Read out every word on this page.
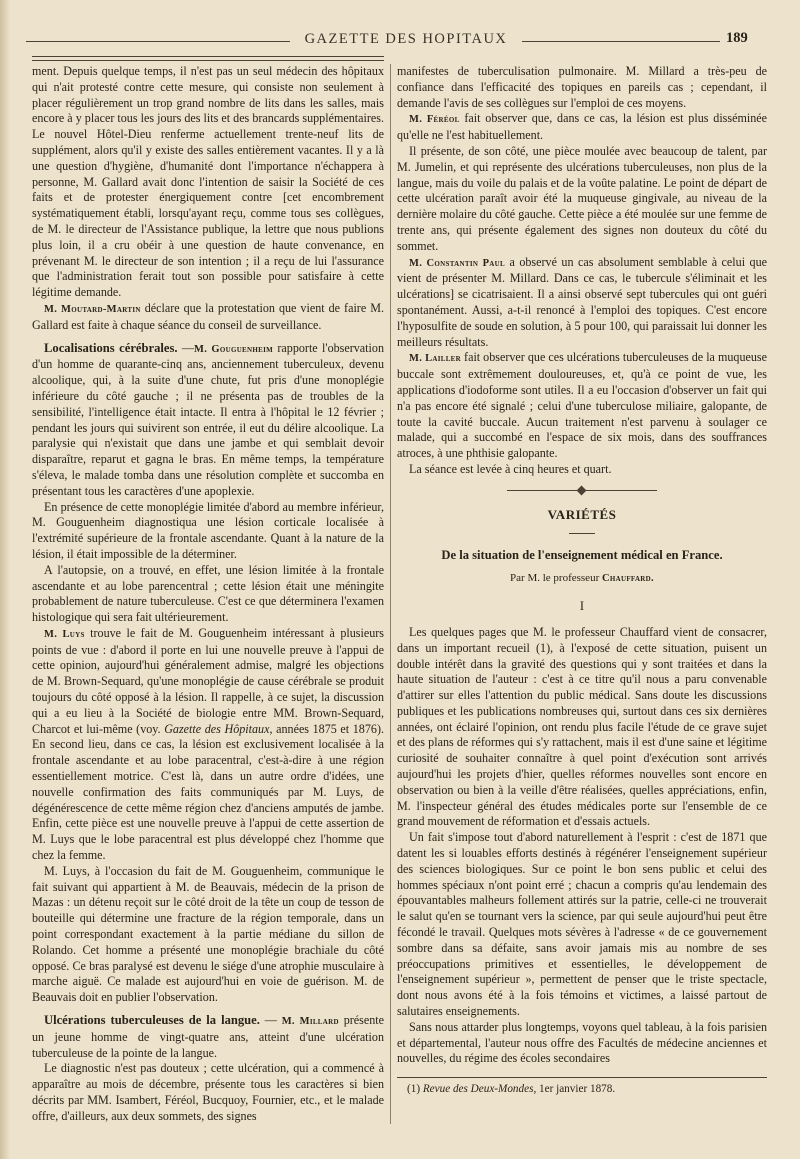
GAZETTE DES HOPITAUX	189

ment. Depuis quelque temps, il n'est pas un seul médecin des hôpitaux qui n'ait protesté contre cette mesure, qui consiste non seulement à placer régulièrement un trop grand nombre de lits dans les salles, mais encore à y placer tous les jours des lits et des brancards supplémentaires. Le nouvel Hôtel-Dieu renferme actuellement trente-neuf lits de supplément, alors qu'il y existe des salles entièrement vacantes. Il y a là une question d'hygiène, d'humanité dont l'importance n'échappera à personne, M. Gallard avait donc l'intention de saisir la Société de ces faits et de protester énergiquement contre [cet encombrement systématiquement établi, lorsqu'ayant reçu, comme tous ses collègues, de M. le directeur de l'Assistance publique, la lettre que nous publions plus loin, il a cru obéir à une question de haute convenance, en prévenant M. le directeur de son intention ; il a reçu de lui l'assurance que l'administration ferait tout son possible pour satisfaire à cette légitime demande.

M. Moutard-Martin déclare que la protestation que vient de faire M. Gallard est faite à chaque séance du conseil de surveillance.

Localisations cérébrales. —M. Gouguenheim rapporte l'observation d'un homme de quarante-cinq ans, anciennement tuberculeux, devenu alcoolique, qui, à la suite d'une chute, fut pris d'une monoplégie inférieure du côté gauche ; il ne présenta pas de troubles de la sensibilité, l'intelligence était intacte. Il entra à l'hôpital le 12 février ; pendant les jours qui suivirent son entrée, il eut du délire alcoolique. La paralysie qui n'existait que dans une jambe et qui semblait devoir disparaître, reparut et gagna le bras. En même temps, la température s'éleva, le malade tomba dans une résolution complète et succomba en présentant tous les caractères d'une apoplexie.

En présence de cette monoplégie limitée d'abord au membre inférieur, M. Gouguenheim diagnostiqua une lésion corticale localisée à l'extrémité supérieure de la frontale ascendante. Quant à la nature de la lésion, il était impossible de la déterminer.

A l'autopsie, on a trouvé, en effet, une lésion limitée à la frontale ascendante et au lobe parencentral ; cette lésion était une méningite probablement de nature tuberculeuse. C'est ce que déterminera l'examen histologique qui sera fait ultérieurement.

M. Luys trouve le fait de M. Gouguenheim intéressant à plusieurs points de vue : d'abord il porte en lui une nouvelle preuve à l'appui de cette opinion, aujourd'hui généralement admise, malgré les objections de M. Brown-Sequard, qu'une monoplégie de cause cérébrale se produit toujours du côté opposé à la lésion. Il rappelle, à ce sujet, la discussion qui a eu lieu à la Société de biologie entre MM. Brown-Sequard, Charcot et lui-même (voy. Gazette des Hôpitaux, années 1875 et 1876). En second lieu, dans ce cas, la lésion est exclusivement localisée à la frontale ascendante et au lobe paracentral, c'est-à-dire à une région essentiellement motrice. C'est là, dans un autre ordre d'idées, une nouvelle confirmation des faits communiqués par M. Luys, de dégénérescence de cette même région chez d'anciens amputés de jambe. Enfin, cette pièce est une nouvelle preuve à l'appui de cette assertion de M. Luys que le lobe paracentral est plus développé chez l'homme que chez la femme.

M. Luys, à l'occasion du fait de M. Gouguenheim, communique le fait suivant qui appartient à M. de Beauvais, médecin de la prison de Mazas : un détenu reçoit sur le côté droit de la tête un coup de tesson de bouteille qui détermine une fracture de la région temporale, dans un point correspondant exactement à la partie médiane du sillon de Rolando. Cet homme a présenté une monoplégie brachiale du côté opposé. Ce bras paralysé est devenu le siége d'une atrophie musculaire à marche aiguë. Ce malade est aujourd'hui en voie de guérison. M. de Beauvais doit en publier l'observation.

Ulcérations tuberculeuses de la langue. — M. Millard présente un jeune homme de vingt-quatre ans, atteint d'une ulcération tuberculeuse de la pointe de la langue.

Le diagnostic n'est pas douteux ; cette ulcération, qui a commencé à apparaître au mois de décembre, présente tous les caractères si bien décrits par MM. Isambert, Féréol, Bucquoy, Fournier, etc., et le malade offre, d'ailleurs, aux deux sommets, des signes

manifestes de tuberculisation pulmonaire. M. Millard a très-peu de confiance dans l'efficacité des topiques en pareils cas ; cependant, il demande l'avis de ses collègues sur l'emploi de ces moyens.

M. Féréol fait observer que, dans ce cas, la lésion est plus disséminée qu'elle ne l'est habituellement.

Il présente, de son côté, une pièce moulée avec beaucoup de talent, par M. Jumelin, et qui représente des ulcérations tuberculeuses, non plus de la langue, mais du voile du palais et de la voûte palatine. Le point de départ de cette ulcération paraît avoir été la muqueuse gingivale, au niveau de la dernière molaire du côté gauche. Cette pièce a été moulée sur une femme de trente ans, qui présente également des signes non douteux du côté du sommet.

M. Constantin Paul a observé un cas absolument semblable à celui que vient de présenter M. Millard. Dans ce cas, le tubercule s'éliminait et les ulcérations] se cicatrisaient. Il a ainsi observé sept tubercules qui ont guéri spontanément. Aussi, a-t-il renoncé à l'emploi des topiques. C'est encore l'hyposulfite de soude en solution, à 5 pour 100, qui paraissait lui donner les meilleurs résultats.

M. Lailler fait observer que ces ulcérations tuberculeuses de la muqueuse buccale sont extrêmement douloureuses, et, qu'à ce point de vue, les applications d'iodoforme sont utiles. Il a eu l'occasion d'observer un fait qui n'a pas encore été signalé ; celui d'une tuberculose miliaire, galopante, de toute la cavité buccale. Aucun traitement n'est parvenu à soulager ce malade, qui a succombé en l'espace de six mois, dans des souffrances atroces, à une phthisie galopante.

La séance est levée à cinq heures et quart.

VARIÉTÉS
De la situation de l'enseignement médical en France.
Par M. le professeur Chauffard.
I

Les quelques pages que M. le professeur Chauffard vient de consacrer, dans un important recueil (1), à l'exposé de cette situation, puisent un double intérêt dans la gravité des questions qui y sont traitées et dans la haute situation de l'auteur : c'est à ce titre qu'il nous a paru convenable d'attirer sur elles l'attention du public médical. Sans doute les discussions publiques et les publications nombreuses qui, surtout dans ces six dernières années, ont éclairé l'opinion, ont rendu plus facile l'étude de ce grave sujet et des plans de réformes qui s'y rattachent, mais il est d'une saine et légitime curiosité de souhaiter connaître à quel point d'exécution sont arrivés aujourd'hui les projets d'hier, quelles réformes nouvelles sont encore en observation ou bien à la veille d'être réalisées, quelles appréciations, enfin, M. l'inspecteur général des études médicales porte sur l'ensemble de ce grand mouvement de réformation et d'essais actuels.

Un fait s'impose tout d'abord naturellement à l'esprit : c'est de 1871 que datent les si louables efforts destinés à régénérer l'enseignement supérieur des sciences biologiques. Sur ce point le bon sens public et celui des hommes spéciaux n'ont point erré ; chacun a compris qu'au lendemain des épouvantables malheurs follement attirés sur la patrie, celle-ci ne trouverait le salut qu'en se tournant vers la science, par qui seule aujourd'hui peut être fécondé le travail. Quelques mots sévères à l'adresse « de ce gouvernement sombre dans sa défaite, sans avoir jamais mis au nombre de ses préoccupations primitives et essentielles, le développement de l'enseignement supérieur », permettent de penser que le triste spectacle, dont nous avons été à la fois témoins et victimes, a laissé partout de salutaires enseignements.

Sans nous attarder plus longtemps, voyons quel tableau, à la fois parisien et départemental, l'auteur nous offre des Facultés de médecine anciennes et nouvelles, du régime des écoles secondaires

(1) Revue des Deux-Mondes, 1er janvier 1878.
